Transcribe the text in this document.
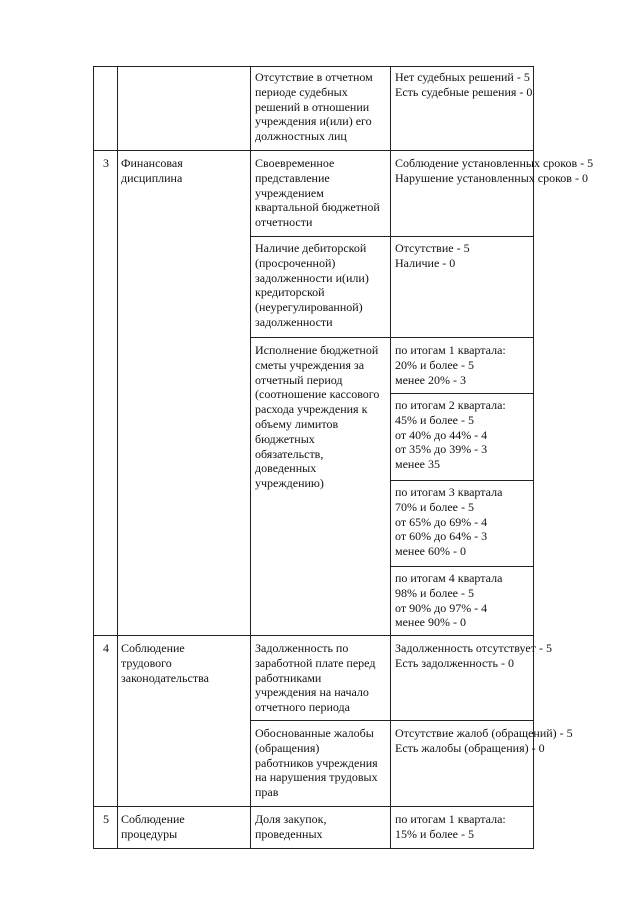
Отсутствие в отчетном
периоде судебных
решений в отношении
учреждения и(или) его
должностных лиц
Нет судебных решений - 5
Есть судебные решения - 0
3 Финансовая
дисциплина
Своевременное
представление
учреждением
квартальной бюджетной
отчетности
Соблюдение установленных сроков - 5
Нарушение установленных сроков - 0
Наличие дебиторской
(просроченной)
задолженности и(или)
кредиторской
(неурегулированной)
задолженности
Отсутствие - 5
Наличие - 0
Исполнение бюджетной
сметы учреждения за
отчетный период
(соотношение кассового
расхода учреждения к
объему лимитов
бюджетных
обязательств,
доведенных
учреждению)
по итогам 1 квартала:
20% и более - 5
менее 20% - 3
по итогам 2 квартала:
45% и более - 5
от 40% до 44% - 4
от 35% до 39% - 3
менее 35
по итогам 3 квартала
70% и более - 5
от 65% до 69% - 4
от 60% до 64% - 3
менее 60% - 0
по итогам 4 квартала
98% и более - 5
от 90% до 97% - 4
менее 90% - 0
4 Соблюдение
трудового
законодательства
Задолженность по
заработной плате перед
работниками
учреждения на начало
отчетного периода
Задолженность отсутствует - 5
Есть задолженность - 0
Обоснованные жалобы
(обращения)
работников учреждения
на нарушения трудовых
прав
Отсутствие жалоб (обращений) - 5
Есть жалобы (обращения) - 0
5 Соблюдение
процедуры
Доля закупок,
проведенных
по итогам 1 квартала:
15% и более - 5
